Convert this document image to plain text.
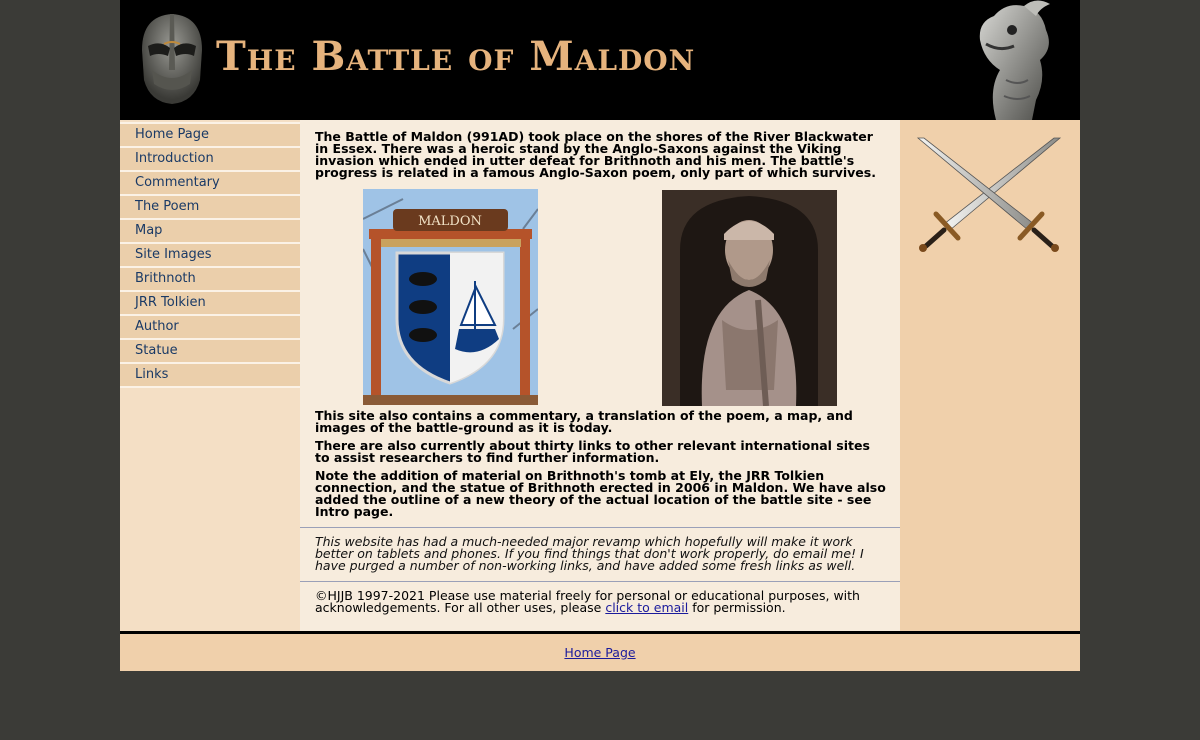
The Battle of Maldon
Home Page
Introduction
Commentary
The Poem
Map
Site Images
Brithnoth
JRR Tolkien
Author
Statue
Links

The Battle of Maldon (991AD) took place on the shores of the River Blackwater in Essex. There was a heroic stand by the Anglo-Saxons against the Viking invasion which ended in utter defeat for Brithnoth and his men. The battle's progress is related in a famous Anglo-Saxon poem, only part of which survives.

MALDON

This site also contains a commentary, a translation of the poem, a map, and images of the battle-ground as it is today.

There are also currently about thirty links to other relevant international sites to assist researchers to find further information.

Note the addition of material on Brithnoth's tomb at Ely, the JRR Tolkien connection, and the statue of Brithnoth erected in 2006 in Maldon. We have also added the outline of a new theory of the actual location of the battle site - see Intro page.

This website has had a much-needed major revamp which hopefully will make it work better on tablets and phones. If you find things that don't work properly, do email me! I have purged a number of non-working links, and have added some fresh links as well.

©HJJB 1997-2021 Please use material freely for personal or educational purposes, with acknowledgements. For all other uses, please click to email for permission.

Home Page
